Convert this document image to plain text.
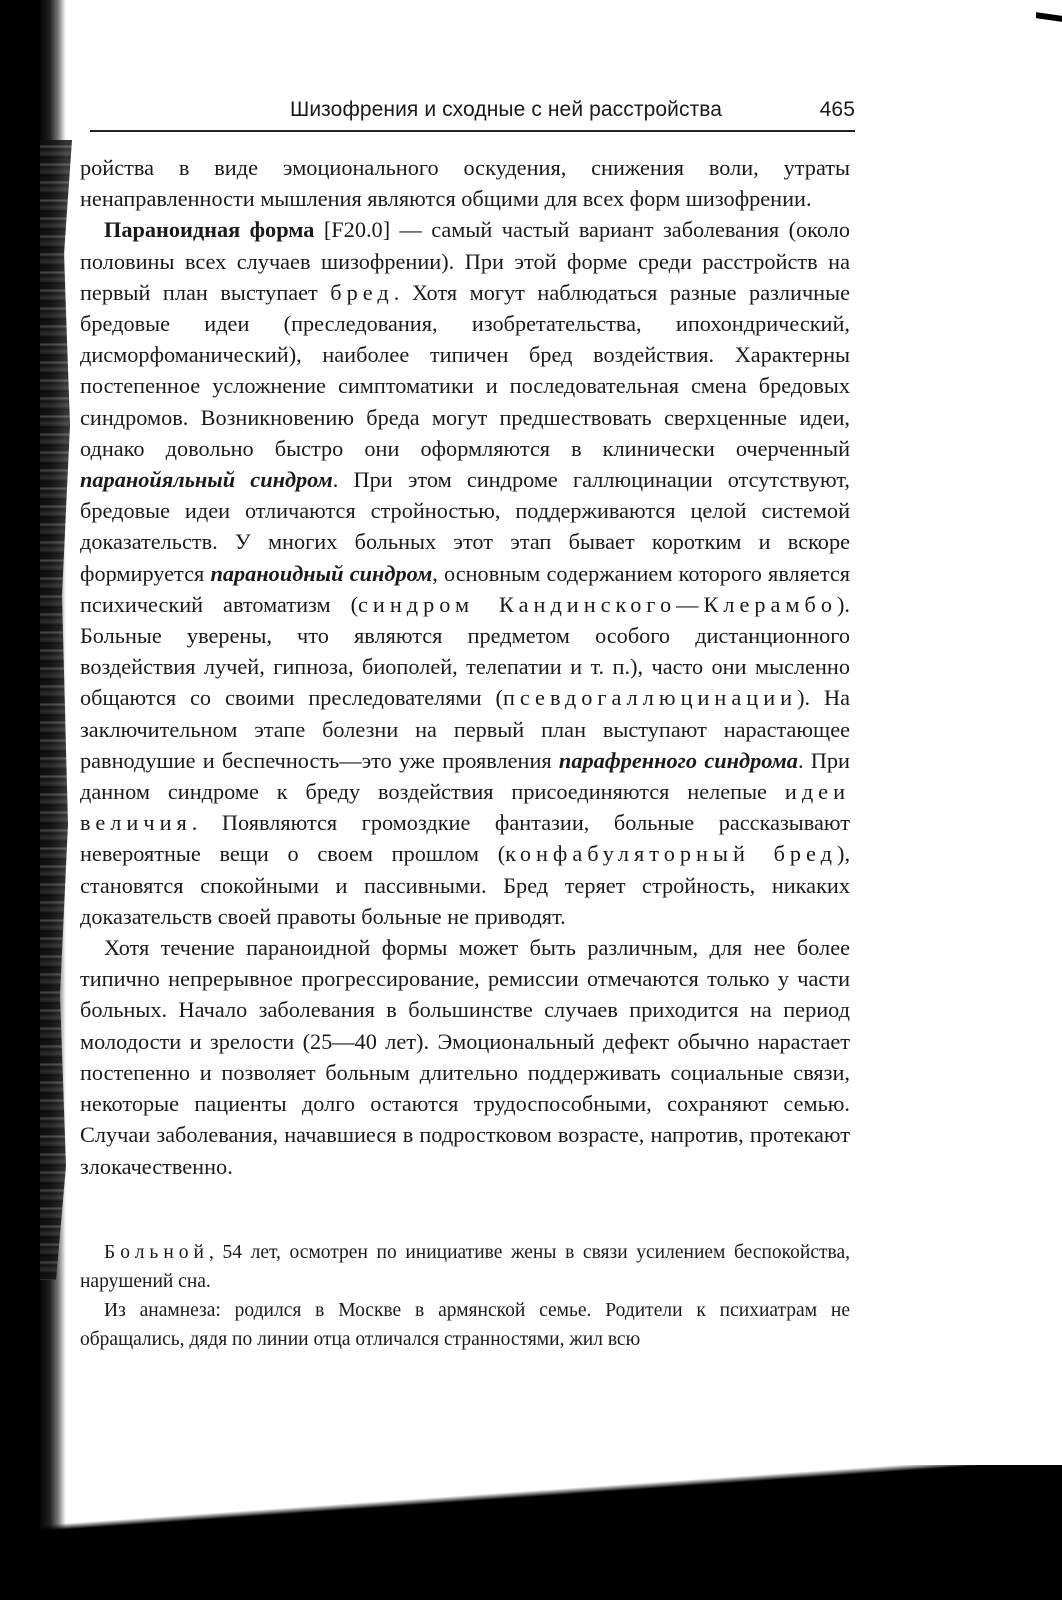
Шизофрения и сходные с ней расстройства	465

ройства в виде эмоционального оскудения, снижения воли, утраты ненаправленности мышления являются общими для всех форм шизофрении.

Параноидная форма [F20.0] — самый частый вариант заболевания (около половины всех случаев шизофрении). При этой форме среди расстройств на первый план выступает бред. Хотя могут наблюдаться разные различные бредовые идеи (преследования, изобретательства, ипохондрический, дисморфоманический), наиболее типичен бред воздействия. Характерны постепенное усложнение симптоматики и последовательная смена бредовых синдромов. Возникновению бреда могут предшествовать сверхценные идеи, однако довольно быстро они оформляются в клинически очерченный паранойяльный синдром. При этом синдроме галлюцинации отсутствуют, бредовые идеи отличаются стройностью, поддерживаются целой системой доказательств. У многих больных этот этап бывает коротким и вскоре формируется параноидный синдром, основным содержанием которого является психический автоматизм (синдром Кандинского—Клерамбо). Больные уверены, что являются предметом особого дистанционного воздействия лучей, гипноза, биополей, телепатии и т. п.), часто они мысленно общаются со своими преследователями (псевдогаллюцинации). На заключительном этапе болезни на первый план выступают нарастающее равнодушие и беспечность—это уже проявления парафренного синдрома. При данном синдроме к бреду воздействия присоединяются нелепые идеи величия. Появляются громоздкие фантазии, больные рассказывают невероятные вещи о своем прошлом (конфабуляторный бред), становятся спокойными и пассивными. Бред теряет стройность, никаких доказательств своей правоты больные не приводят.

Хотя течение параноидной формы может быть различным, для нее более типично непрерывное прогрессирование, ремиссии отмечаются только у части больных. Начало заболевания в большинстве случаев приходится на период молодости и зрелости (25—40 лет). Эмоциональный дефект обычно нарастает постепенно и позволяет больным длительно поддерживать социальные связи, некоторые пациенты долго остаются трудоспособными, сохраняют семью. Случаи заболевания, начавшиеся в подростковом возрасте, напротив, протекают злокачественно.

Больной, 54 лет, осмотрен по инициативе жены в связи усилением беспокойства, нарушений сна.

Из анамнеза: родился в Москве в армянской семье. Родители к психиатрам не обращались, дядя по линии отца отличался странностями, жил всю
